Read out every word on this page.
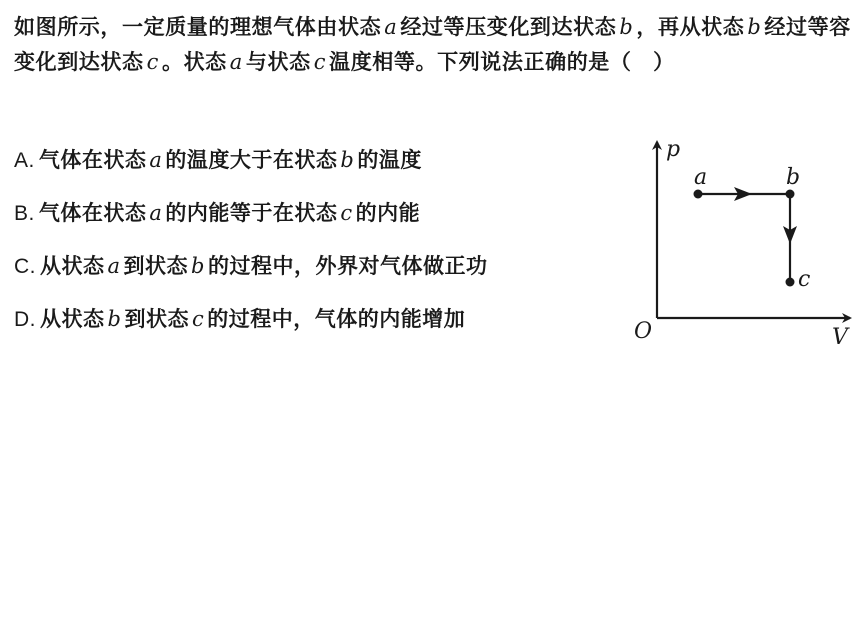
如图所示，一定质量的理想气体由状态 a 经过等压变化到达状态 b ，再从状态 b 经过等容变化到达状态 c 。状态 a 与状态 c 温度相等。下列说法正确的是（　）
A. 气体在状态 a 的温度大于在状态 b 的温度
B. 气体在状态 a 的内能等于在状态 c 的内能
C. 从状态 a 到状态 b 的过程中，外界对气体做正功
D. 从状态 b 到状态 c 的过程中，气体的内能增加
p
V
O
a	b
c
